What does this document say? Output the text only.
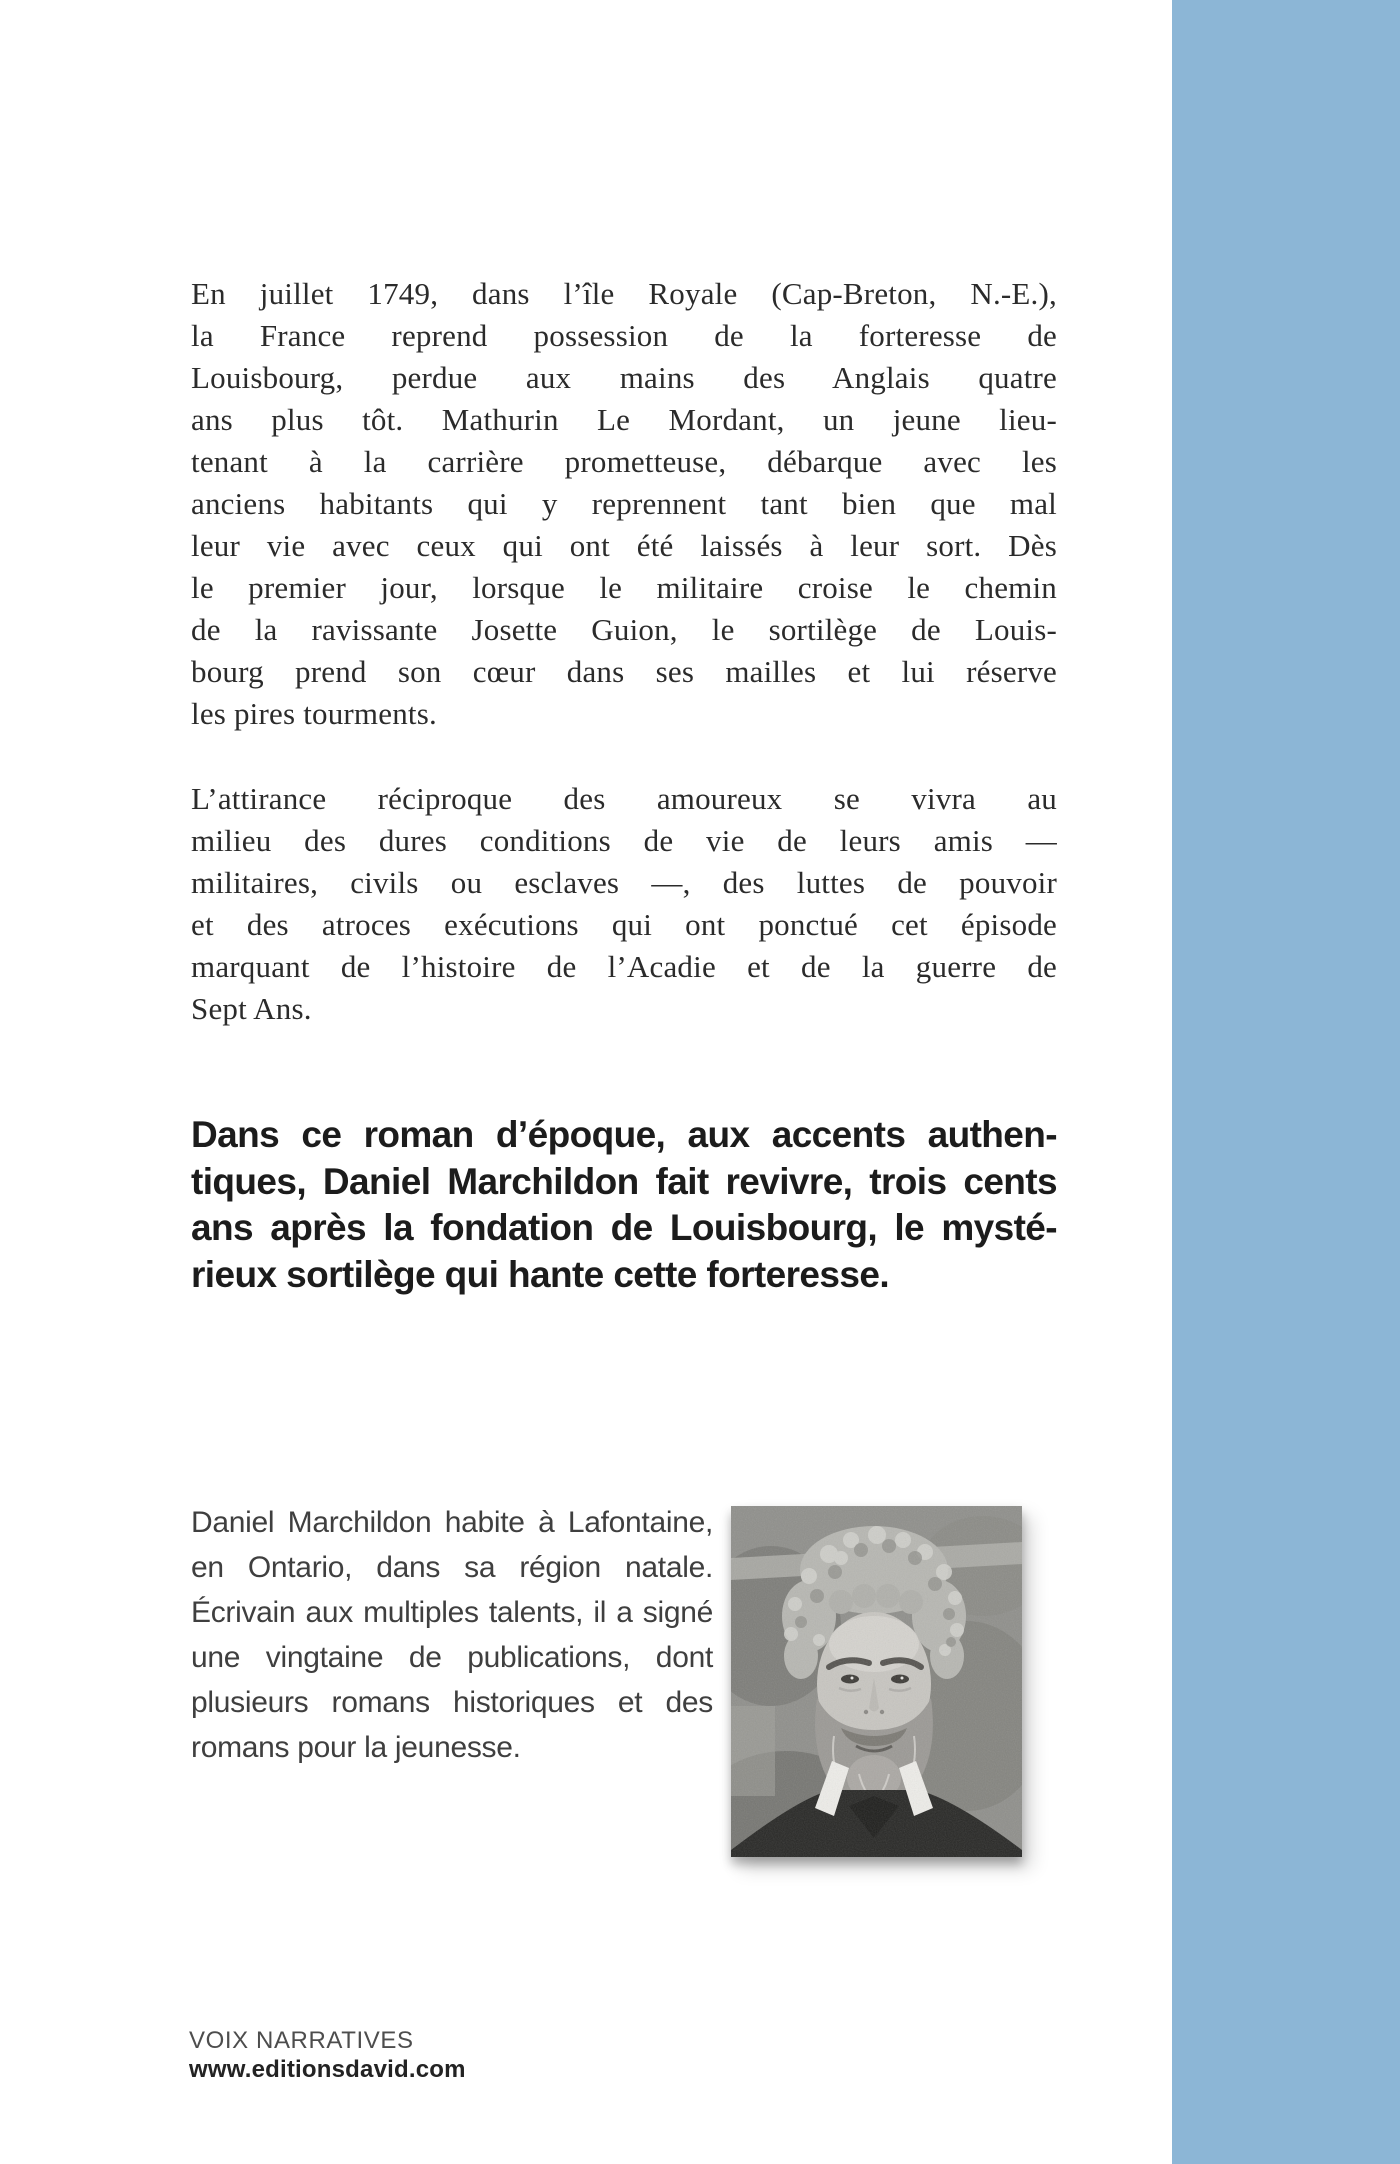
En juillet 1749, dans l’île Royale (Cap-Breton, N.-E.),
la France reprend possession de la forteresse de
Louisbourg, perdue aux mains des Anglais quatre
ans plus tôt. Mathurin Le Mordant, un jeune lieu-
tenant à la carrière prometteuse, débarque avec les
anciens habitants qui y reprennent tant bien que mal
leur vie avec ceux qui ont été laissés à leur sort. Dès
le premier jour, lorsque le militaire croise le chemin
de la ravissante Josette Guion, le sortilège de Louis-
bourg prend son cœur dans ses mailles et lui réserve
les pires tourments.
L’attirance réciproque des amoureux se vivra au
milieu des dures conditions de vie de leurs amis —
militaires, civils ou esclaves —, des luttes de pouvoir
et des atroces exécutions qui ont ponctué cet épisode
marquant de l’histoire de l’Acadie et de la guerre de
Sept Ans.
Dans ce roman d’époque, aux accents authen-
tiques, Daniel Marchildon fait revivre, trois cents
ans après la fondation de Louisbourg, le mysté-
rieux sortilège qui hante cette forteresse.
Daniel Marchildon habite à Lafontaine,
en Ontario, dans sa région natale.
Écrivain aux multiples talents, il a signé
une vingtaine de publications, dont
plusieurs romans historiques et des
romans pour la jeunesse.
VOIX NARRATIVES
www.editionsdavid.com
